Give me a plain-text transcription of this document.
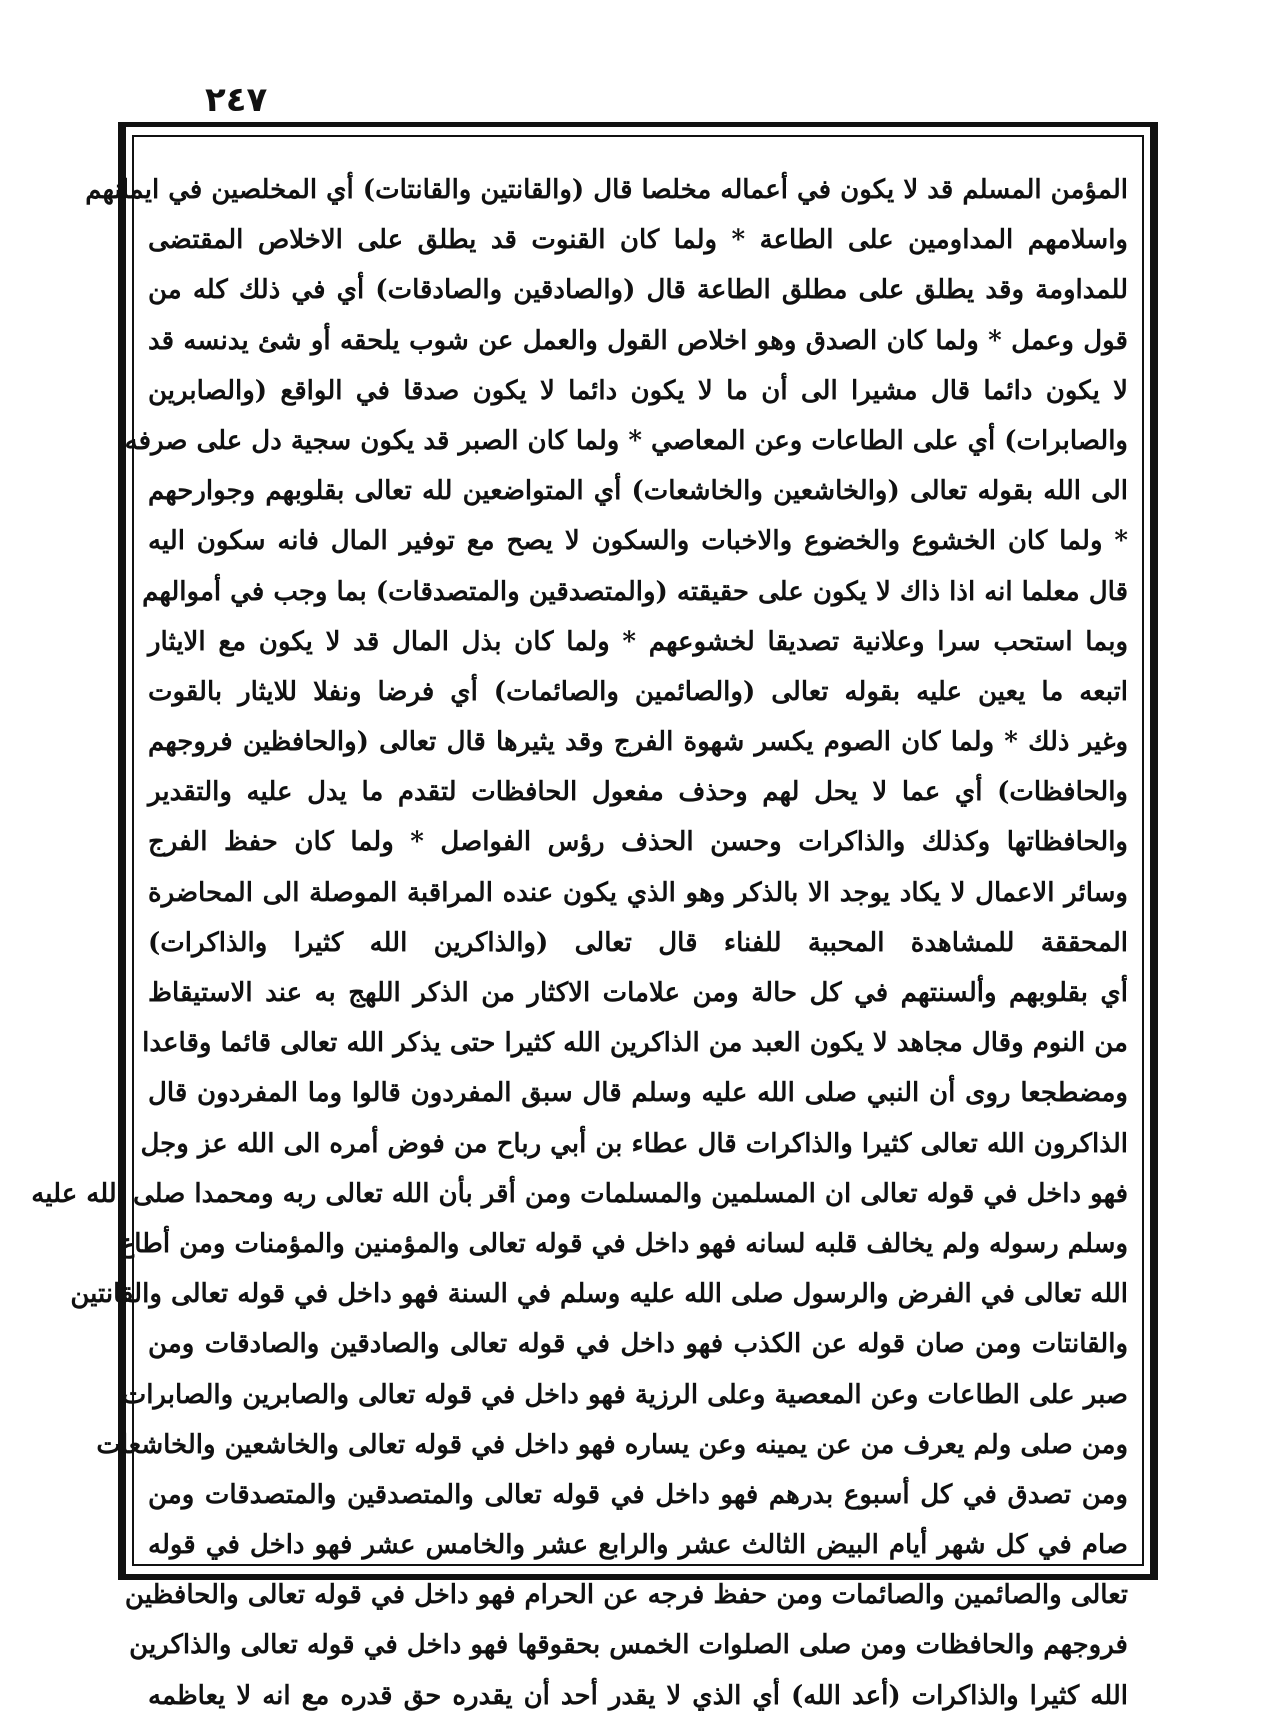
٢٤٧
المؤمن المسلم قد لا يكون في أعماله مخلصا قال (والقانتين والقانتات) أي المخلصين في ايمانهم
واسلامهم المداومين على الطاعة * ولما كان القنوت قد يطلق على الاخلاص المقتضى
للمداومة وقد يطلق على مطلق الطاعة قال (والصادقين والصادقات) أي في ذلك كله من
قول وعمل * ولما كان الصدق وهو اخلاص القول والعمل عن شوب يلحقه أو شئ يدنسه قد
لا يكون دائما قال مشيرا الى أن ما لا يكون دائما لا يكون صدقا في الواقع (والصابرين
والصابرات) أي على الطاعات وعن المعاصي * ولما كان الصبر قد يكون سجية دل على صرفه
الى الله بقوله تعالى (والخاشعين والخاشعات) أي المتواضعين لله تعالى بقلوبهم وجوارحهم
* ولما كان الخشوع والخضوع والاخبات والسكون لا يصح مع توفير المال فانه سكون اليه
قال معلما انه اذا ذاك لا يكون على حقيقته (والمتصدقين والمتصدقات) بما وجب في أموالهم
وبما استحب سرا وعلانية تصديقا لخشوعهم * ولما كان بذل المال قد لا يكون مع الايثار
اتبعه ما يعين عليه بقوله تعالى (والصائمين والصائمات) أي فرضا ونفلا للايثار بالقوت
وغير ذلك * ولما كان الصوم يكسر شهوة الفرج وقد يثيرها قال تعالى (والحافظين فروجهم
والحافظات) أي عما لا يحل لهم وحذف مفعول الحافظات لتقدم ما يدل عليه والتقدير
والحافظاتها وكذلك والذاكرات وحسن الحذف رؤس الفواصل * ولما كان حفظ الفرج
وسائر الاعمال لا يكاد يوجد الا بالذكر وهو الذي يكون عنده المراقبة الموصلة الى المحاضرة
المحققة للمشاهدة المحببة للفناء قال تعالى (والذاكرين الله كثيرا والذاكرات)
أي بقلوبهم وألسنتهم في كل حالة ومن علامات الاكثار من الذكر اللهج به عند الاستيقاظ
من النوم وقال مجاهد لا يكون العبد من الذاكرين الله كثيرا حتى يذكر الله تعالى قائما وقاعدا
ومضطجعا روى أن النبي صلى الله عليه وسلم قال سبق المفردون قالوا وما المفردون قال
الذاكرون الله تعالى كثيرا والذاكرات قال عطاء بن أبي رباح من فوض أمره الى الله عز وجل
فهو داخل في قوله تعالى ان المسلمين والمسلمات ومن أقر بأن الله تعالى ربه ومحمدا صلى الله عليه
وسلم رسوله ولم يخالف قلبه لسانه فهو داخل في قوله تعالى والمؤمنين والمؤمنات ومن أطاع
الله تعالى في الفرض والرسول صلى الله عليه وسلم في السنة فهو داخل في قوله تعالى والقانتين
والقانتات ومن صان قوله عن الكذب فهو داخل في قوله تعالى والصادقين والصادقات ومن
صبر على الطاعات وعن المعصية وعلى الرزية فهو داخل في قوله تعالى والصابرين والصابرات
ومن صلى ولم يعرف من عن يمينه وعن يساره فهو داخل في قوله تعالى والخاشعين والخاشعات
ومن تصدق في كل أسبوع بدرهم فهو داخل في قوله تعالى والمتصدقين والمتصدقات ومن
صام في كل شهر أيام البيض الثالث عشر والرابع عشر والخامس عشر فهو داخل في قوله
تعالى والصائمين والصائمات ومن حفظ فرجه عن الحرام فهو داخل في قوله تعالى والحافظين
فروجهم والحافظات ومن صلى الصلوات الخمس بحقوقها فهو داخل في قوله تعالى والذاكرين
الله كثيرا والذاكرات (أعد الله) أي الذي لا يقدر أحد أن يقدره حق قدره مع انه لا يعاظمه
